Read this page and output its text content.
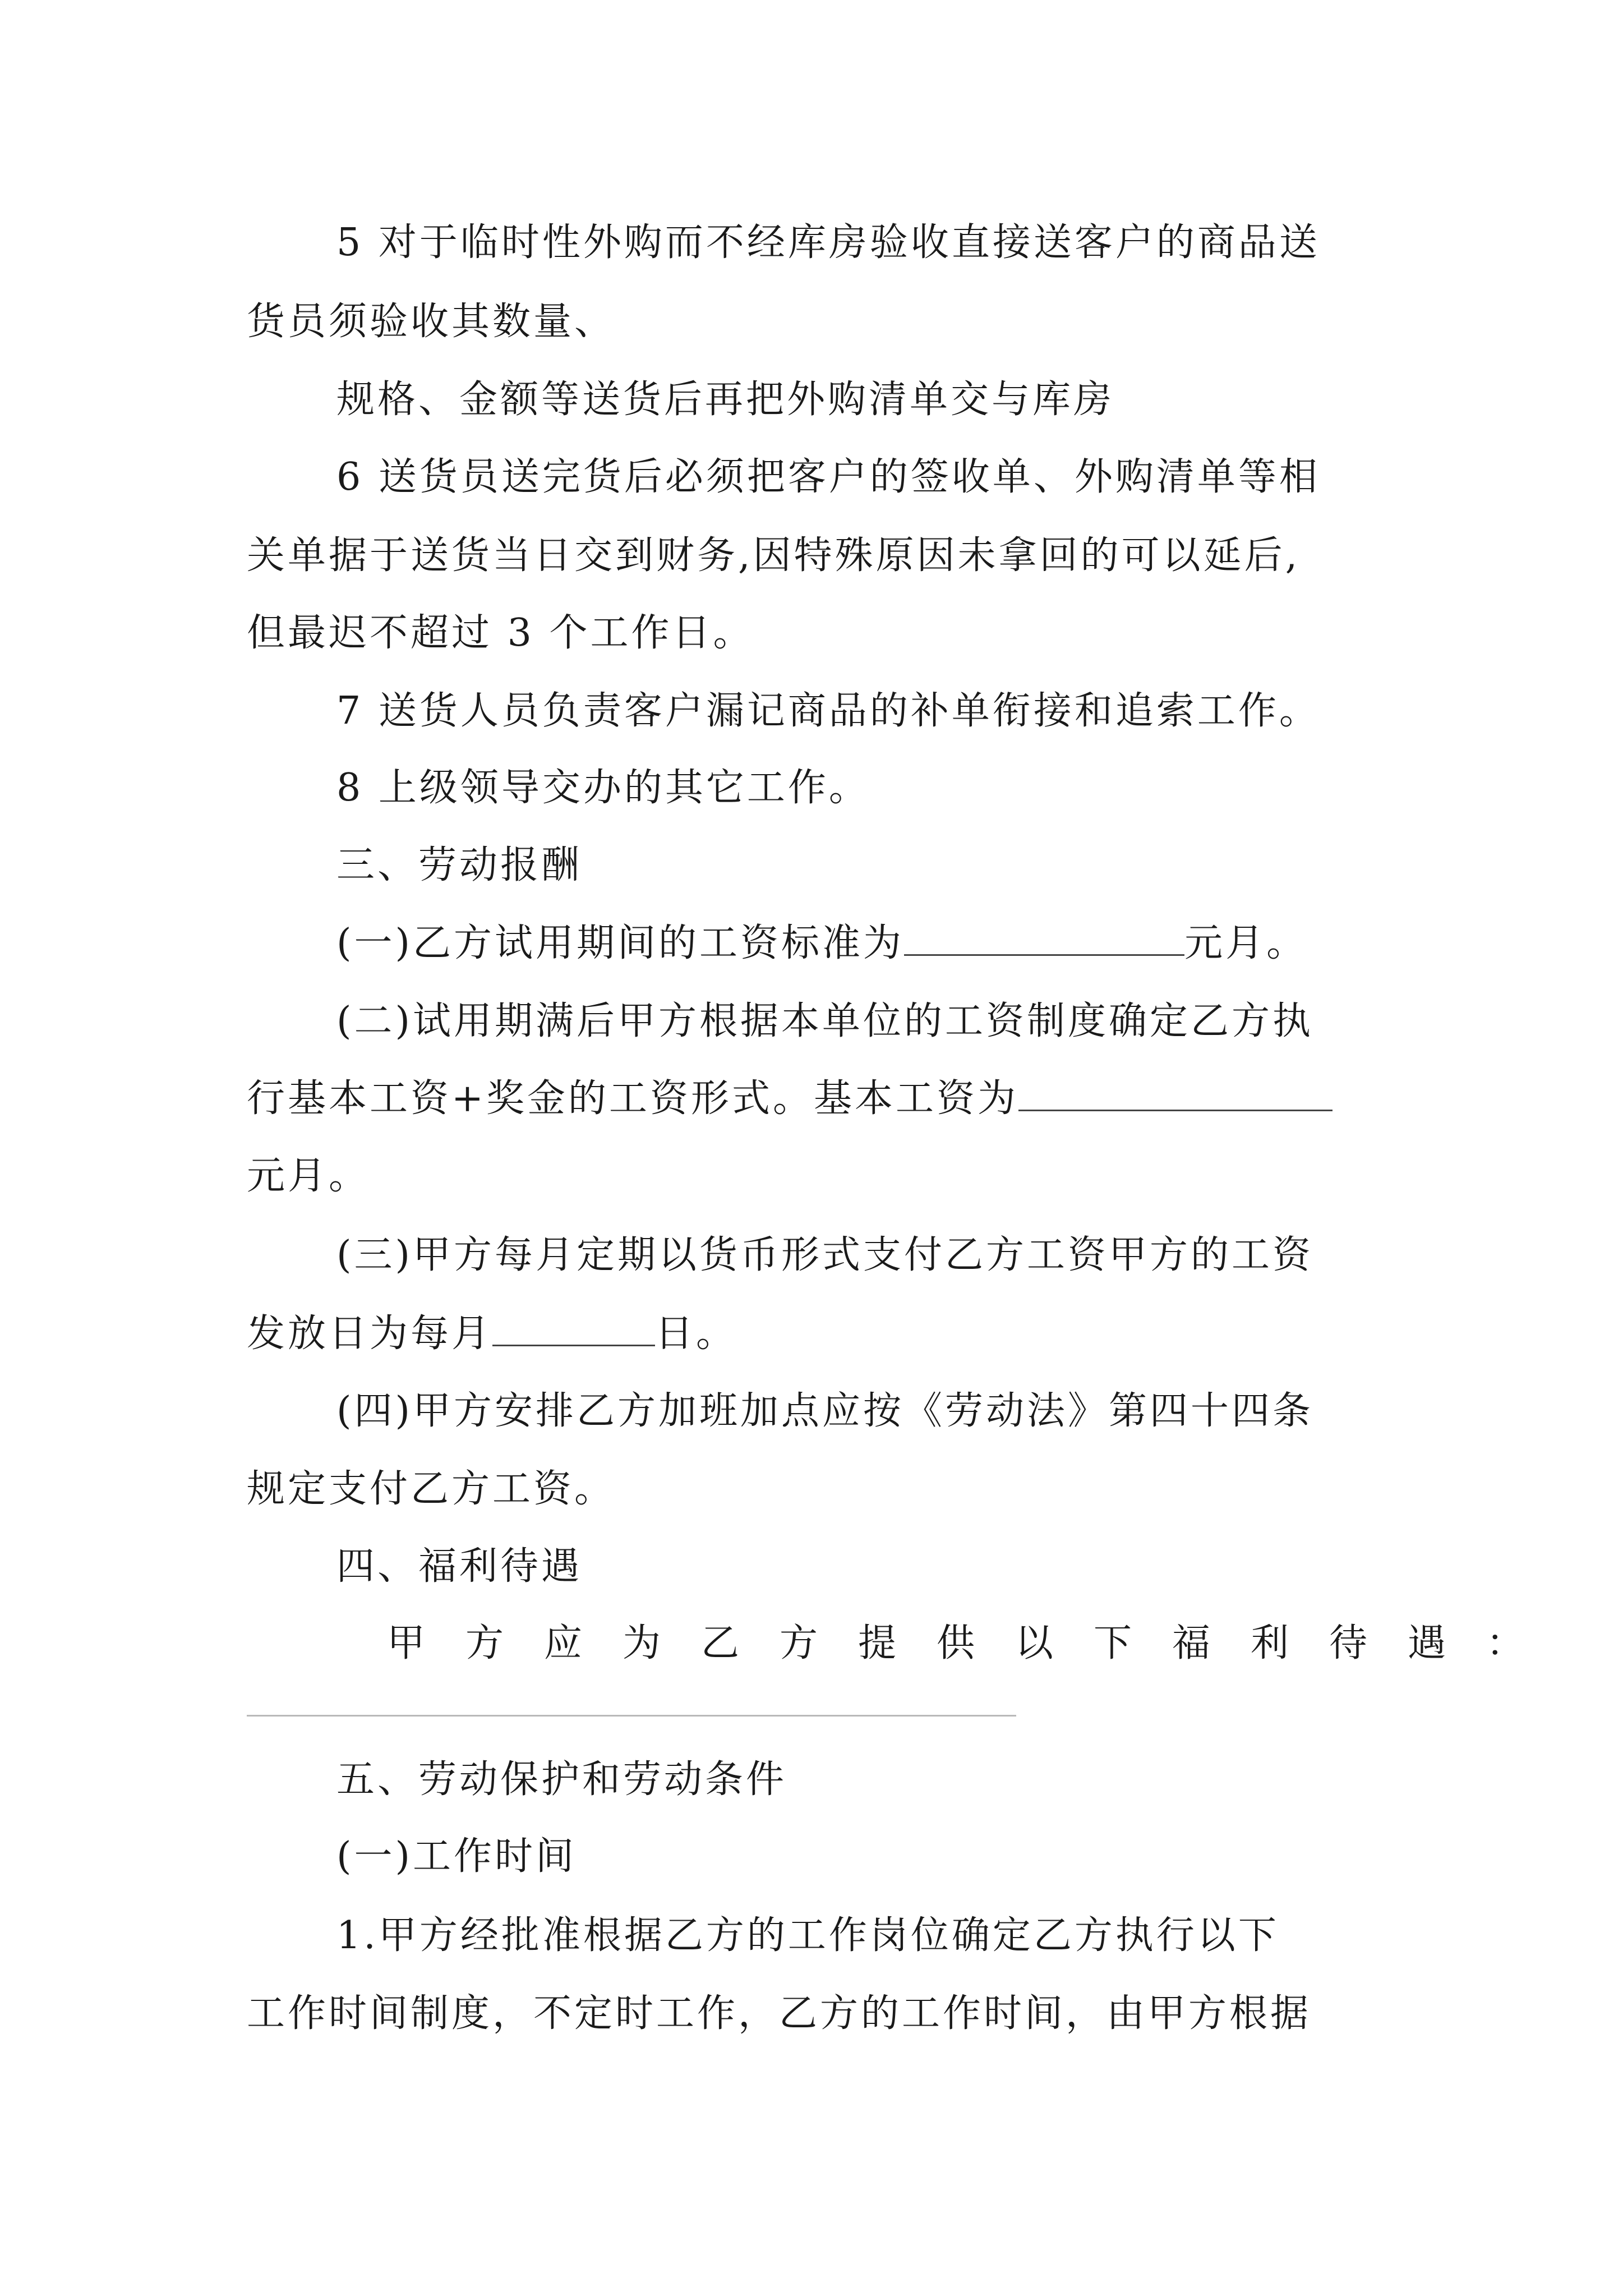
5 对于临时性外购而不经库房验收直接送客户的商品送

货员须验收其数量、

规格、金额等送货后再把外购清单交与库房

6 送货员送完货后必须把客户的签收单、外购清单等相

关单据于送货当日交到财务,因特殊原因未拿回的可以延后,

但最迟不超过 3 个工作日。

7 送货人员负责客户漏记商品的补单衔接和追索工作。

8 上级领导交办的其它工作。

三、劳动报酬

(一)乙方试用期间的工资标准为	元月。

(二)试用期满后甲方根据本单位的工资制度确定乙方执

行基本工资+奖金的工资形式。基本工资为

元月。

(三)甲方每月定期以货币形式支付乙方工资甲方的工资

发放日为每月	日。

(四)甲方安排乙方加班加点应按《劳动法》第四十四条

规定支付乙方工资。

四、福利待遇

甲方应为乙方提供以下福利待遇：

五、劳动保护和劳动条件

(一)工作时间

1.甲方经批准根据乙方的工作岗位确定乙方执行以下

工作时间制度，不定时工作，乙方的工作时间，由甲方根据
